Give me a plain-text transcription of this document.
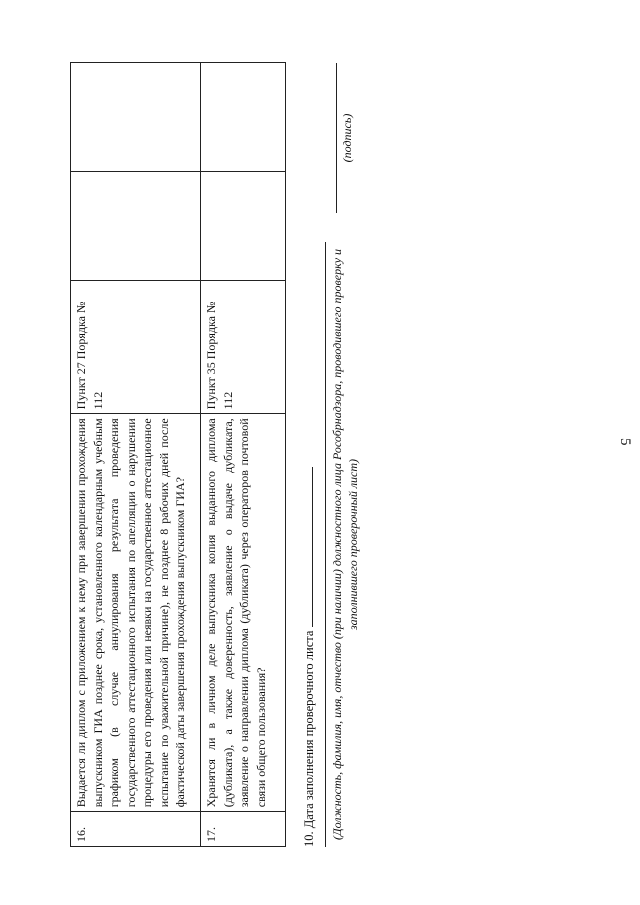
5
16.	Выдается ли диплом с приложением к нему при завершении прохождения выпускником ГИА позднее срока, установленного календарным учебным графиком (в случае аннулирования результата проведения государственного аттестационного испытания по апелляции о нарушении процедуры его проведения или неявки на государственное аттестационное испытание по уважительной причине), не позднее 8 рабочих дней после фактической даты завершения прохождения выпускником ГИА?	Пункт 27 Порядка № 112		
17.	Хранятся ли в личном деле выпускника копия выданного диплома (дубликата), а также доверенность, заявление о выдаче дубликата, заявление о направлении диплома (дубликата) через операторов почтовой связи общего пользования?	Пункт 35 Порядка № 112		
10. Дата заполнения проверочного листа (Должность, фамилия, имя, отчество (при наличии) должностного лица Рособрнадзора, проводившего проверку и заполнившего проверочный лист)
(подпись)
